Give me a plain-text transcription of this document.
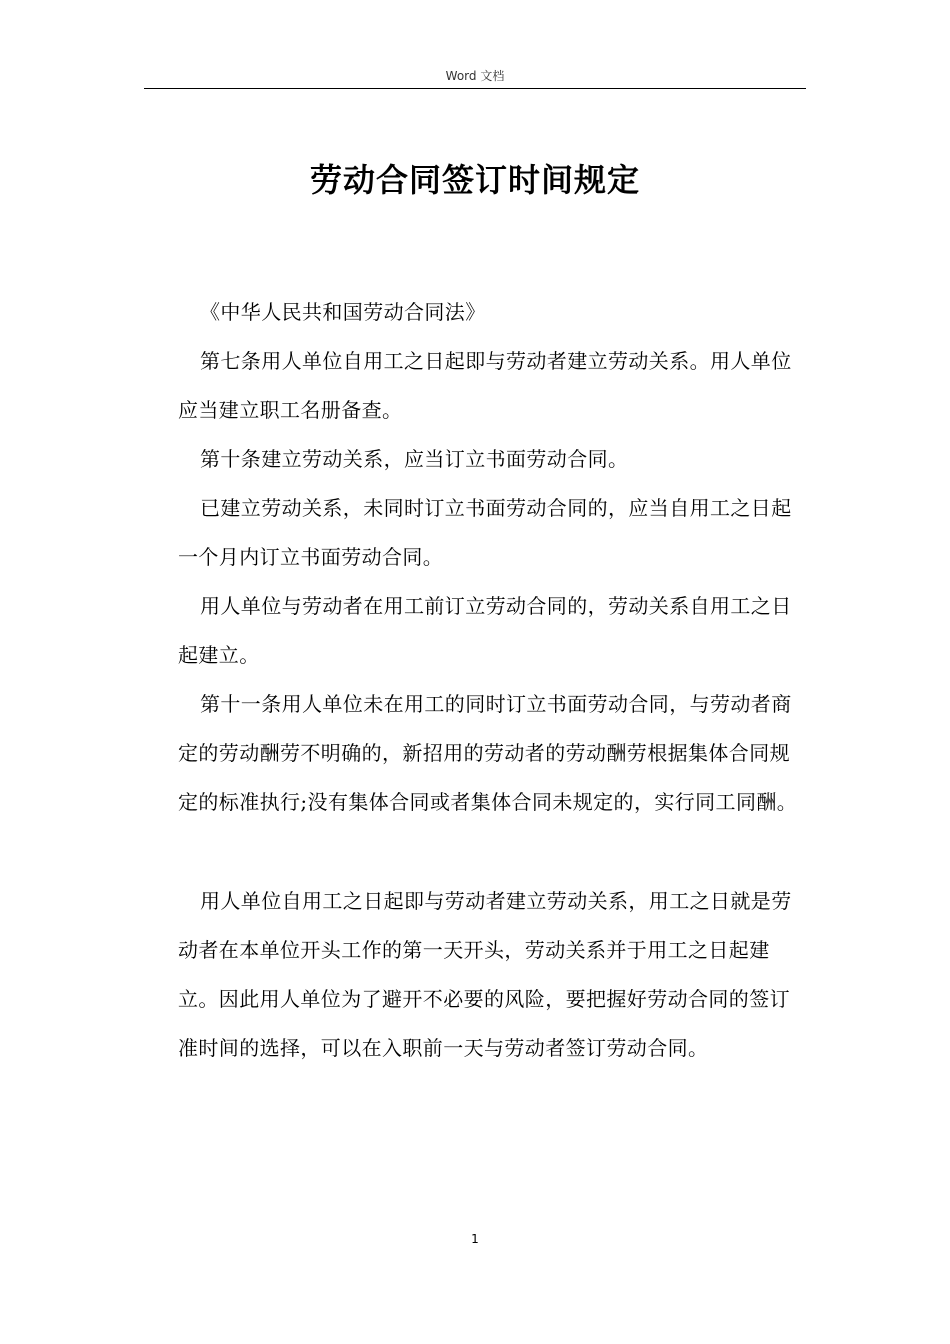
Word 文档
劳动合同签订时间规定

《中华人民共和国劳动合同法》

第七条用人单位自用工之日起即与劳动者建立劳动关系。用人单位应当建立职工名册备查。

第十条建立劳动关系，应当订立书面劳动合同。

已建立劳动关系，未同时订立书面劳动合同的，应当自用工之日起一个月内订立书面劳动合同。

用人单位与劳动者在用工前订立劳动合同的，劳动关系自用工之日起建立。

第十一条用人单位未在用工的同时订立书面劳动合同，与劳动者商定的劳动酬劳不明确的，新招用的劳动者的劳动酬劳根据集体合同规定的标准执行;没有集体合同或者集体合同未规定的，实行同工同酬。

用人单位自用工之日起即与劳动者建立劳动关系，用工之日就是劳动者在本单位开头工作的第一天开头，劳动关系并于用工之日起建立。因此用人单位为了避开不必要的风险，要把握好劳动合同的签订准时间的选择，可以在入职前一天与劳动者签订劳动合同。

1
